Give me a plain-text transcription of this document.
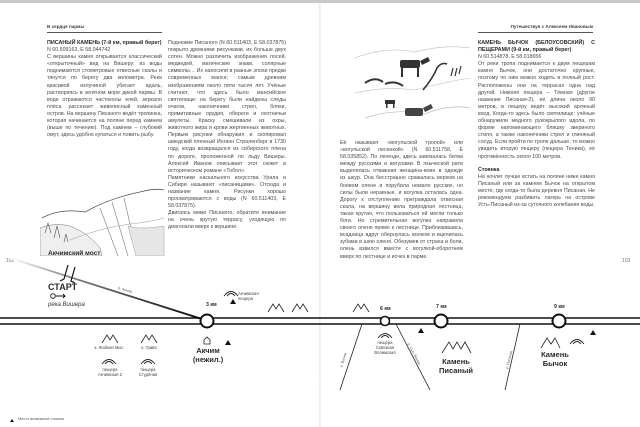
В сердце пармы
102

ПИСАНЫЙ КАМЕНЬ (7-й км, правый берег)

N 60.509163, E 58.044742

С вершины камня открывается классический «открыточный» вид на Вишеру: из воды поднимаются стометровые отвесные скалы и тянутся по берегу два километра. Река красивой излучиной убегает вдаль, растворяясь в зелёном море дикой пармы. В воде отражаются частоколы елей, зеркало плёса рассекает живописный каменный остров. На вершину Писаного ведёт тропинка, которая начинается на поляне перед камнем (выше по течению). Под камнем – глубокий омут, здесь удобно купаться и ловить рыбу.

Подножие Писаного (N 60.511403, E 58.037875) покрыто древними рисунками, их больше двух сотен. Можно различить изображения лосей, медведей, магические знаки, солярные символы… Их наносили в разные эпохи предки современных манси; самым древним изображениям около пяти тысяч лет. Учёные считают, что здесь было мансийское святилище: на берегу были найдены следы очагов, наконечники стрел, бляхи, примитивные орудия, обереги и охотничьи амулеты. Краску смешивали из охры, животного жира и крови жертвенных животных. Первым рисунки обнаружил и скопировал шведский пленный Иоганн Страленберг в 1730 году, когда возвращался из сибирского плена по дороге, проложенной по льду Вишеры. Алексей Иванов описывает этот сюжет в историческом романе «Тобол».

Памятники наскального искусства Урала и Сибири называют «писаницами». Отсюда и название камня. Рисунки хорошо просматриваются с воды (N 60.511403, E 58.037875).

Двигаясь мимо Писаного, обратите внимание на очень крутую террасу, уходящую по диагонали вверх к вершине.

Путешествуя с Алексеем Ивановым
103

Её называют «вогульской тропой» или «вогульской лесенкой» (N 60.511758, E 58.035852). По легенде, здесь завязалась битва между русскими и вогулами. В языческой рати выделялась отважная женщина-воин в одежде из шкур. Она бесстрашно сражалась верхом на боевом олене и порубила немало русских, но силы были неравные, и вогулка осталась одна. Дорогу к отступлению преграждала отвесная скала, на вершину вела природная лестница, такая крутая, что пользоваться ей могли только боги. Но стремительная вогулка направила своего оленя прямо к лестнице. Приблизившись, всадница вдруг обернулась волком и вцепилась зубами в шею оленя. Обезумев от страха и боли, олень взвился вместе с вогулкой-оборотнем вверх по лестнице и исчез в парме.

КАМЕНЬ БЫЧОК (БЕЛОУСОВСКИЙ) С ПЕЩЕРАМИ (9-й км, правый берег)

N 60.514878, E 58.018656

От реки тропа поднимается к двум пещерам камня Бычок, они достаточно крупные, поэтому по ним можно ходить в полный рост. Расположены они на террасах одна над другой. Нижняя пещера – Тёмная (другое название Писаная-2), её длина около 90 метров, в пещеру ведёт высокий арочный вход. Когда-то здесь было святилище: учёные обнаружили медного рукокрылого идола, по форме напоминающего бляшку звериного стиля, а также наконечники стрел и глиняный сосуд. Если пройти по тропе дальше, то можно увидеть вторую пещеру (пещера Теника), её протяжённость около 100 метров.

Стоянка

На ночлег лучше встать на поляне ниже камня Писаный или за камнем Бычок на открытом месте, где когда-то была деревня Писаная. Не рекомендуем разбивать лагерь на острове Усть-Писаный из-за суточного колебания воды.

Акчимский мост
СТАРТ
река Вишера
р. Акчим
3 км
6 км	7 км	9 км
Акчимская пещера
к. Жабкин Мыс	к. Грива
пещера Акчимская 2
пещера Студёная
пещера Сквозная Волимская
Акчим (нежил.)	Камень Писаный
Камень Бычок
р. Волим	р. Сыч. Волим	р. Писаная
Место возможной стоянки
